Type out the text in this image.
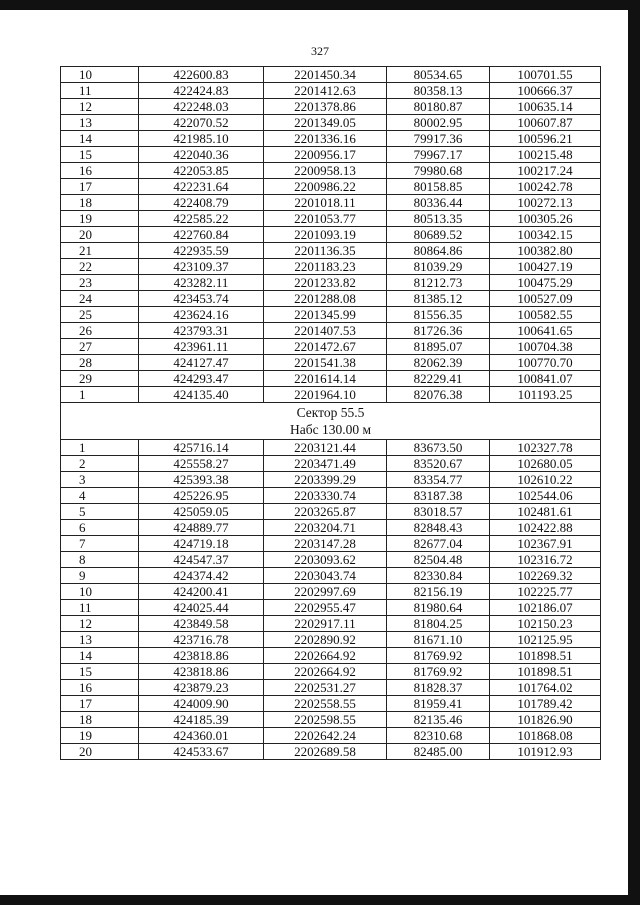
327
10	422600.83	2201450.34	80534.65	100701.55
11	422424.83	2201412.63	80358.13	100666.37
12	422248.03	2201378.86	80180.87	100635.14
13	422070.52	2201349.05	80002.95	100607.87
14	421985.10	2201336.16	79917.36	100596.21
15	422040.36	2200956.17	79967.17	100215.48
16	422053.85	2200958.13	79980.68	100217.24
17	422231.64	2200986.22	80158.85	100242.78
18	422408.79	2201018.11	80336.44	100272.13
19	422585.22	2201053.77	80513.35	100305.26
20	422760.84	2201093.19	80689.52	100342.15
21	422935.59	2201136.35	80864.86	100382.80
22	423109.37	2201183.23	81039.29	100427.19
23	423282.11	2201233.82	81212.73	100475.29
24	423453.74	2201288.08	81385.12	100527.09
25	423624.16	2201345.99	81556.35	100582.55
26	423793.31	2201407.53	81726.36	100641.65
27	423961.11	2201472.67	81895.07	100704.38
28	424127.47	2201541.38	82062.39	100770.70
29	424293.47	2201614.14	82229.41	100841.07
1	424135.40	2201964.10	82076.38	101193.25

Сектор 55.5
Набс 130.00 м				

1	425716.14	2203121.44	83673.50	102327.78
2	425558.27	2203471.49	83520.67	102680.05
3	425393.38	2203399.29	83354.77	102610.22
4	425226.95	2203330.74	83187.38	102544.06
5	425059.05	2203265.87	83018.57	102481.61
6	424889.77	2203204.71	82848.43	102422.88
7	424719.18	2203147.28	82677.04	102367.91
8	424547.37	2203093.62	82504.48	102316.72
9	424374.42	2203043.74	82330.84	102269.32
10	424200.41	2202997.69	82156.19	102225.77
11	424025.44	2202955.47	81980.64	102186.07
12	423849.58	2202917.11	81804.25	102150.23
13	423716.78	2202890.92	81671.10	102125.95
14	423818.86	2202664.92	81769.92	101898.51
15	423818.86	2202664.92	81769.92	101898.51
16	423879.23	2202531.27	81828.37	101764.02
17	424009.90	2202558.55	81959.41	101789.42
18	424185.39	2202598.55	82135.46	101826.90
19	424360.01	2202642.24	82310.68	101868.08
20	424533.67	2202689.58	82485.00	101912.93
